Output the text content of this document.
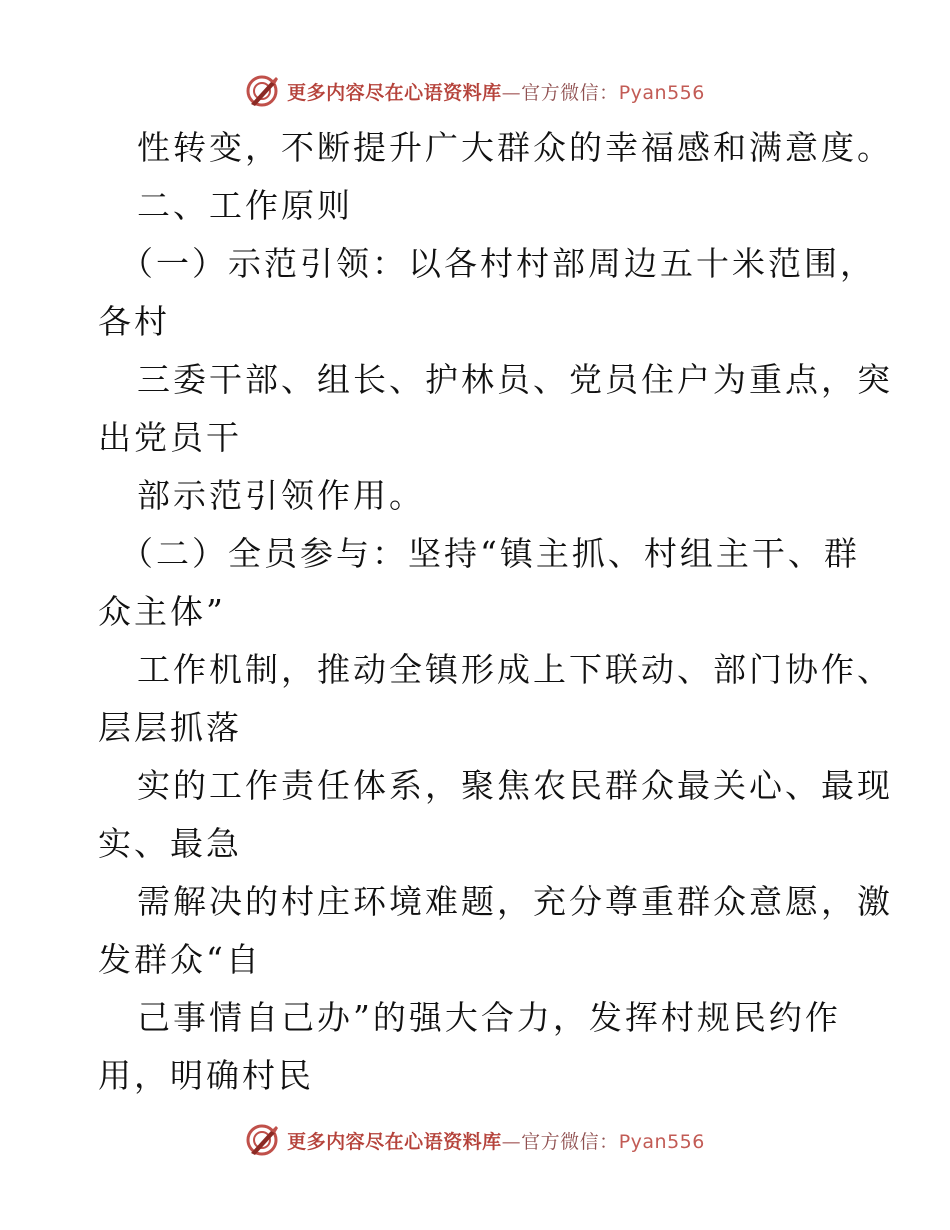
更多内容尽在心语资料库—官方微信：Pyan556
性转变，不断提升广大群众的幸福感和满意度。
二、工作原则
（一）示范引领：以各村村部周边五十米范围，
各村
三委干部、组长、护林员、党员住户为重点，突
出党员干
部示范引领作用。
（二）全员参与：坚持“镇主抓、村组主干、群
众主体”
工作机制，推动全镇形成上下联动、部门协作、
层层抓落
实的工作责任体系，聚焦农民群众最关心、最现
实、最急
需解决的村庄环境难题，充分尊重群众意愿，激
发群众“自
己事情自己办”的强大合力，发挥村规民约作
用，明确村民
更多内容尽在心语资料库—官方微信：Pyan556
